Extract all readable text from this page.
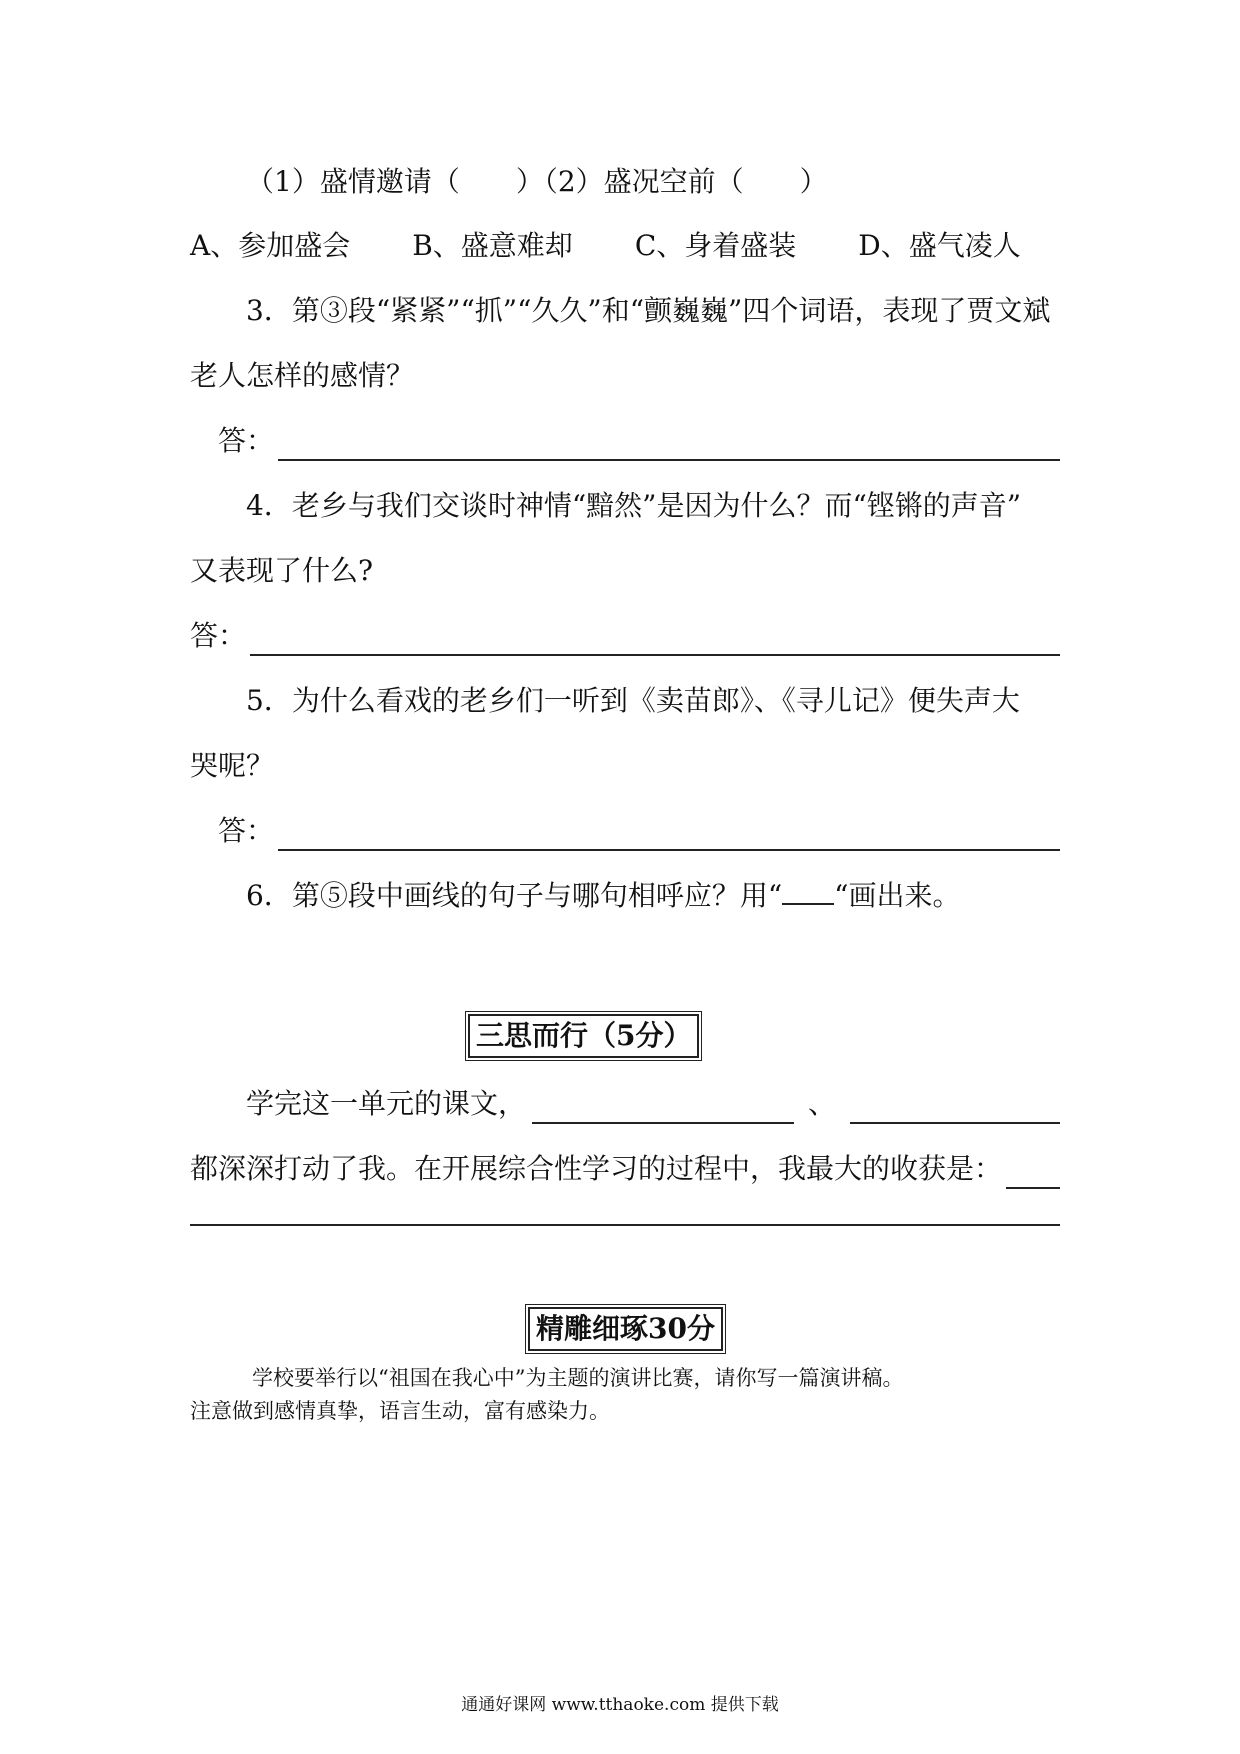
（1）盛情邀请（　　）（2）盛况空前（　　）
A、参加盛会 B、盛意难却 C、身着盛装 D、盛气凌人
3．第③段“紧紧”“抓”“久久”和“颤巍巍”四个词语，表现了贾文斌
老人怎样的感情？
答：
4．老乡与我们交谈时神情“黯然”是因为什么？而“铿锵的声音”
又表现了什么?
答：
5．为什么看戏的老乡们一听到《卖苗郎》、《寻儿记》便失声大
哭呢？
答：
6．第⑤段中画线的句子与哪句相呼应？用“ “画出来。
三思而行（5分）
学完这一单元的课文，	、
都深深打动了我。在开展综合性学习的过程中，我最大的收获是：
精雕细琢30分
学校要举行以“祖国在我心中”为主题的演讲比赛，请你写一篇演讲稿。
注意做到感情真挚，语言生动，富有感染力。
通通好课网 www.tthaoke.com 提供下载
